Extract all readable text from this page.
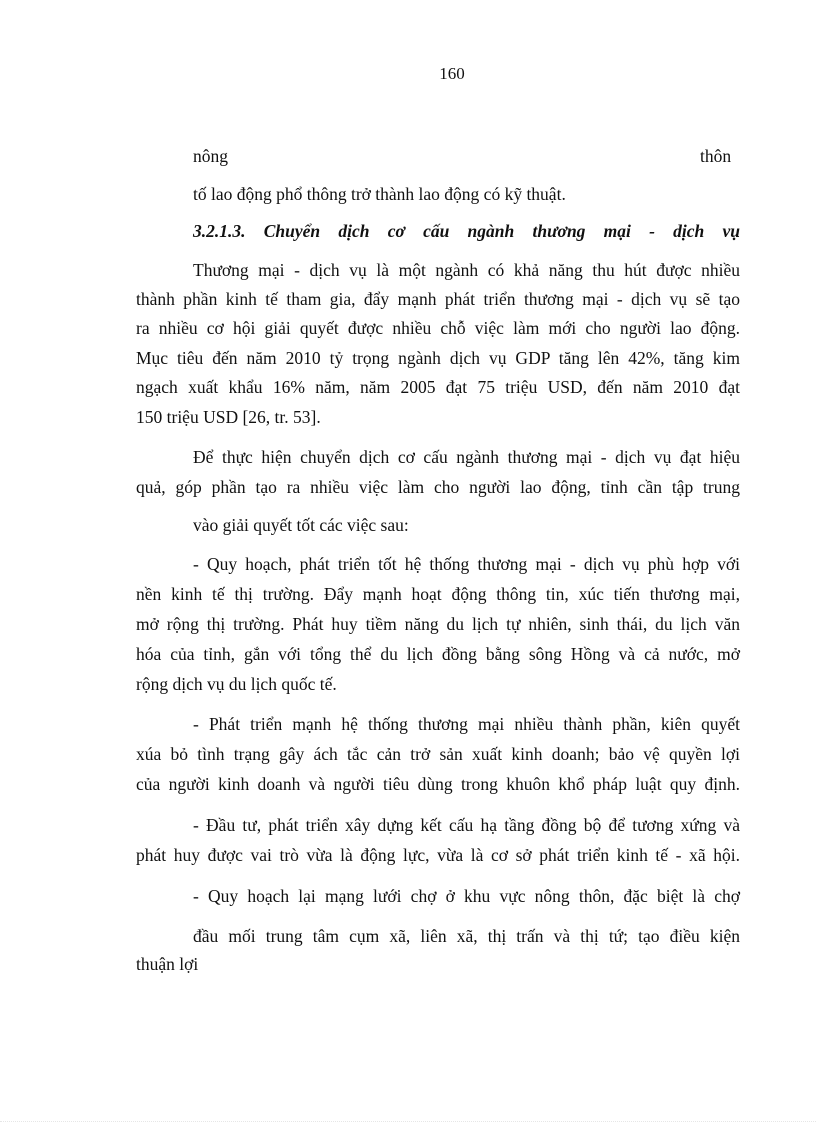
160
nông	thôn
tố lao động phổ thông trở thành lao động có kỹ thuật.
3.2.1.3. Chuyển dịch cơ cấu ngành thương mại - dịch vụ
Thương mại - dịch vụ là một ngành có khả năng thu hút được nhiều
thành phần kinh tế tham gia, đẩy mạnh phát triển thương mại - dịch vụ sẽ tạo
ra nhiều cơ hội giải quyết được nhiều chỗ việc làm mới cho người lao động.
Mục tiêu đến năm 2010 tỷ trọng ngành dịch vụ GDP tăng lên 42%, tăng kim
ngạch xuất khẩu 16% năm, năm 2005 đạt 75 triệu USD, đến năm 2010 đạt
150 triệu USD [26, tr. 53].
Để thực hiện chuyển dịch cơ cấu ngành thương mại - dịch vụ đạt hiệu
quả, góp phần tạo ra nhiều việc làm cho người lao động, tỉnh cần tập trung
vào giải quyết tốt các việc sau:
- Quy hoạch, phát triển tốt hệ thống thương mại - dịch vụ phù hợp với
nền kinh tế thị trường. Đẩy mạnh hoạt động thông tin, xúc tiến thương mại,
mở rộng thị trường. Phát huy tiềm năng du lịch tự nhiên, sinh thái, du lịch văn
hóa của tỉnh, gắn với tổng thể du lịch đồng bằng sông Hồng và cả nước, mở
rộng dịch vụ du lịch quốc tế.
- Phát triển mạnh hệ thống thương mại nhiều thành phần, kiên quyết
xúa bỏ tình trạng gây ách tắc cản trở sản xuất kinh doanh; bảo vệ quyền lợi
của người kinh doanh và người tiêu dùng trong khuôn khổ pháp luật quy định.
- Đầu tư, phát triển xây dựng kết cấu hạ tầng đồng bộ để tương xứng và
phát huy được vai trò vừa là động lực, vừa là cơ sở phát triển kinh tế - xã hội.
- Quy hoạch lại mạng lưới chợ ở khu vực nông thôn, đặc biệt là chợ
đầu mối trung tâm cụm xã, liên xã, thị trấn và thị tứ; tạo điều kiện
thuận lợi
